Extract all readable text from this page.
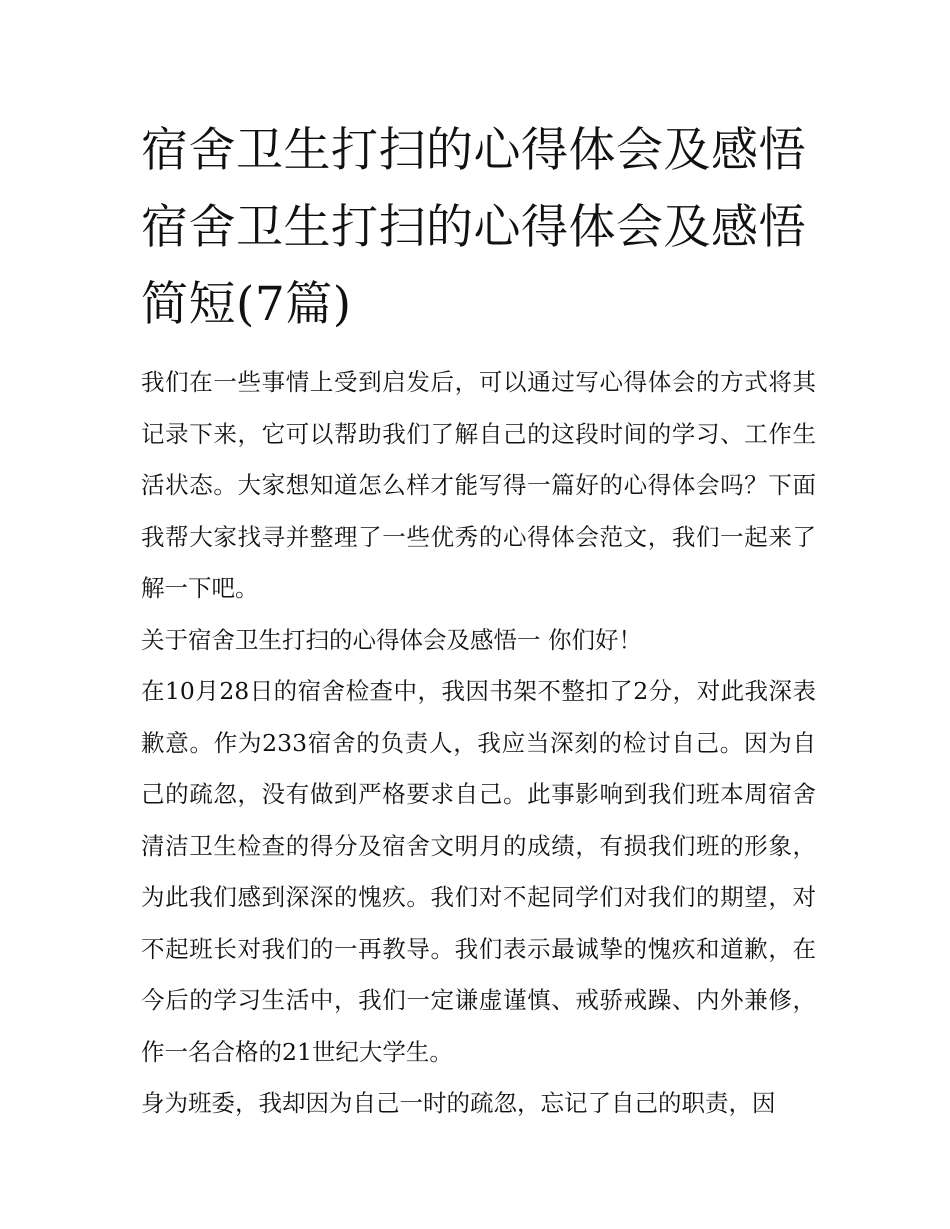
宿舍卫生打扫的心得体会及感悟 宿舍卫生打扫的心得体会及感悟简短(7篇)

我们在一些事情上受到启发后，可以通过写心得体会的方式将其记录下来，它可以帮助我们了解自己的这段时间的学习、工作生活状态。大家想知道怎么样才能写得一篇好的心得体会吗？下面我帮大家找寻并整理了一些优秀的心得体会范文，我们一起来了解一下吧。

关于宿舍卫生打扫的心得体会及感悟一 你们好！

在10月28日的宿舍检查中，我因书架不整扣了2分，对此我深表歉意。作为233宿舍的负责人，我应当深刻的检讨自己。因为自己的疏忽，没有做到严格要求自己。此事影响到我们班本周宿舍清洁卫生检查的得分及宿舍文明月的成绩，有损我们班的形象，为此我们感到深深的愧疚。我们对不起同学们对我们的期望，对不起班长对我们的一再教导。我们表示最诚挚的愧疚和道歉，在今后的学习生活中，我们一定谦虚谨慎、戒骄戒躁、内外兼修，作一名合格的21世纪大学生。

身为班委，我却因为自己一时的疏忽，忘记了自己的职责，因
